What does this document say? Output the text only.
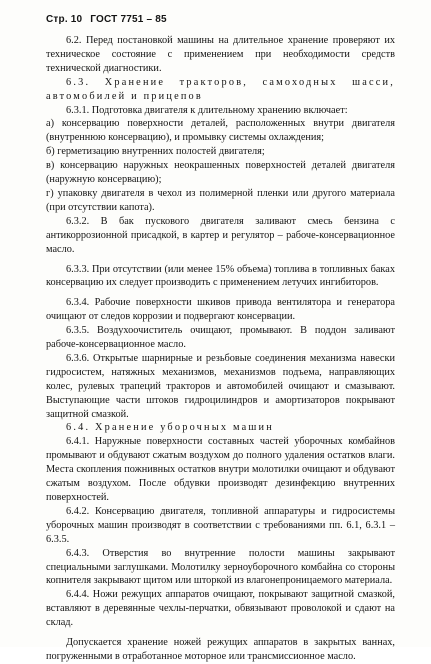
Стр. 10 ГОСТ 7751 – 85

6.2. Перед постановкой машины на длительное хранение проверяют их техническое состояние с применением при необходимости средств технической диагностики.

6.3. Хранение тракторов, самоходных шасси, автомобилей и прицепов

6.3.1. Подготовка двигателя к длительному хранению включает:

а) консервацию поверхности деталей, расположенных внутри двигателя (внутреннюю консервацию), и промывку системы охлаждения;

б) герметизацию внутренних полостей двигателя;

в) консервацию наружных неокрашенных поверхностей деталей двигателя (наружную консервацию);

г) упаковку двигателя в чехол из полимерной пленки или другого материала (при отсутствии капота).

6.3.2. В бак пускового двигателя заливают смесь бензина с антикоррозионной присадкой, в картер и регулятор – рабоче-консервационное масло.

6.3.3. При отсутствии (или менее 15% объема) топлива в топливных баках консервацию их следует производить с применением летучих ингибиторов.

6.3.4. Рабочие поверхности шкивов привода вентилятора и генератора очищают от следов коррозии и подвергают консервации.

6.3.5. Воздухоочиститель очищают, промывают. В поддон заливают рабоче-консервационное масло.

6.3.6. Открытые шарнирные и резьбовые соединения механизма навески гидросистем, натяжных механизмов, механизмов подъема, направляющих колес, рулевых трапеций тракторов и автомобилей очищают и смазывают. Выступающие части штоков гидроцилиндров и амортизаторов покрывают защитной смазкой.

6.4. Хранение уборочных машин

6.4.1. Наружные поверхности составных частей уборочных комбайнов промывают и обдувают сжатым воздухом до полного удаления остатков влаги. Места скопления пожнивных остатков внутри молотилки очищают и обдувают сжатым воздухом. После обдувки производят дезинфекцию внутренних поверхностей.

6.4.2. Консервацию двигателя, топливной аппаратуры и гидросистемы уборочных машин производят в соответствии с требованиями пп. 6.1, 6.3.1 – 6.3.5.

6.4.3. Отверстия во внутренние полости машины закрывают специальными заглушками. Молотилку зерноуборочного комбайна со стороны копнителя закрывают щитом или шторкой из влагонепроницаемого материала.

6.4.4. Ножи режущих аппаратов очищают, покрывают защитной смазкой, вставляют в деревянные чехлы-перчатки, обвязывают проволокой и сдают на склад.

Допускается хранение ножей режущих аппаратов в закрытых ваннах, погруженными в отработанное моторное или трансмиссионное масло.
